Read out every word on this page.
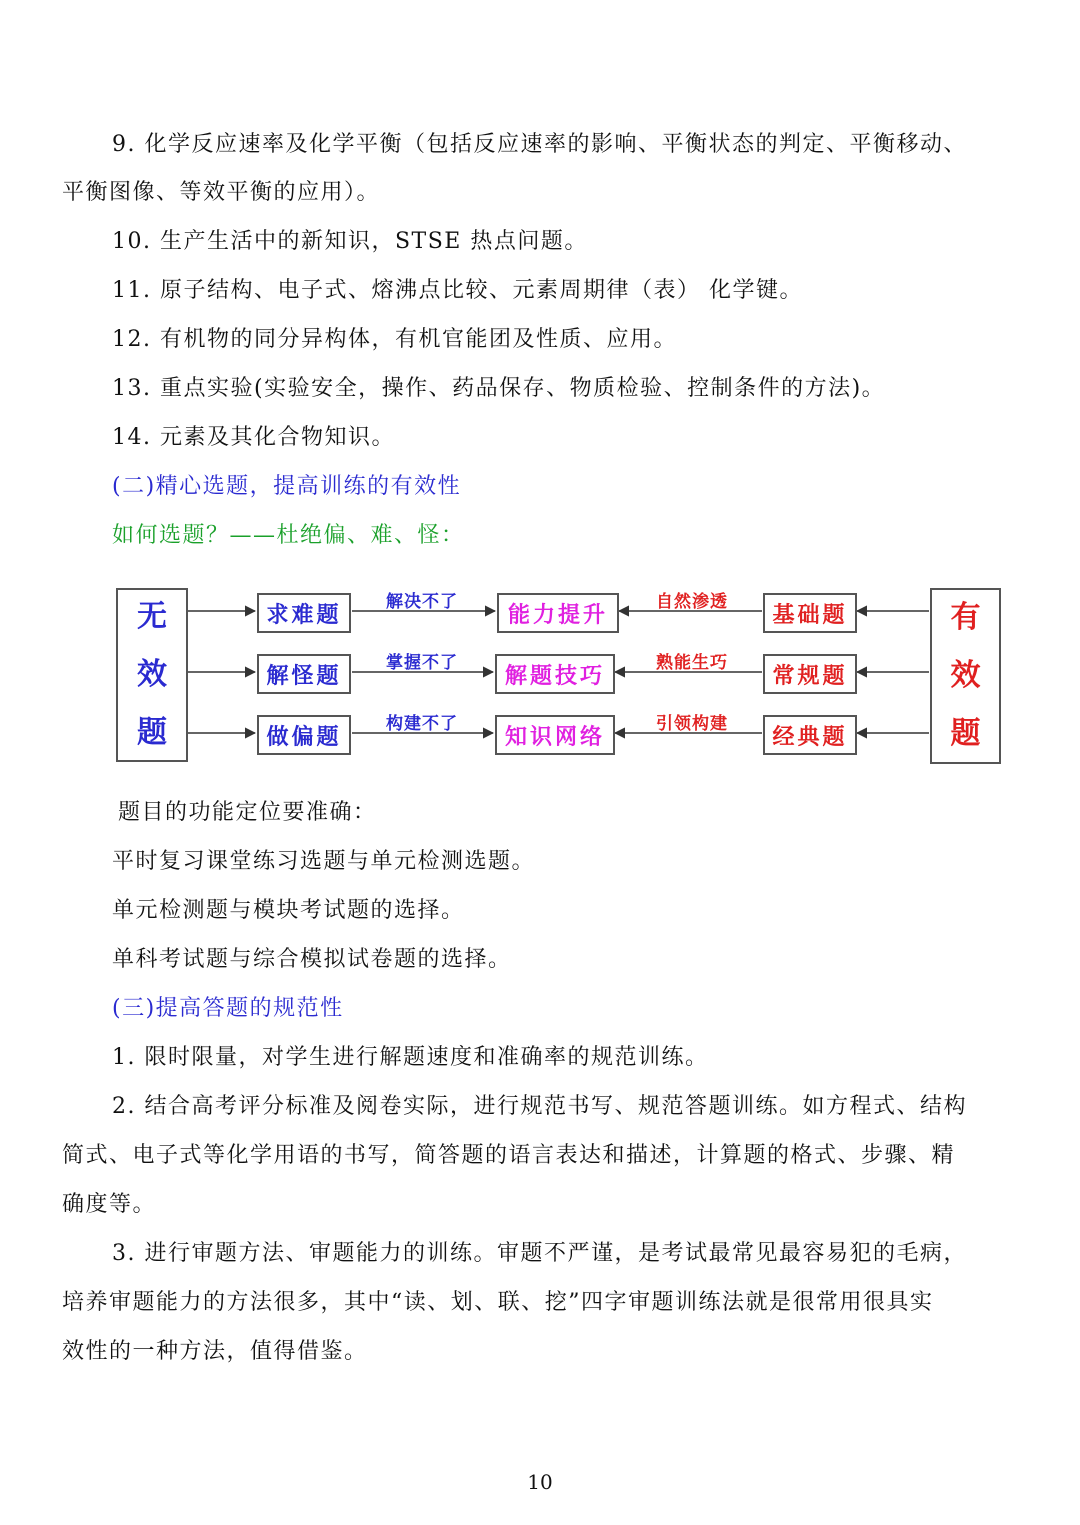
9. 化学反应速率及化学平衡（包括反应速率的影响、平衡状态的判定、平衡移动、
平衡图像、等效平衡的应用）。
10. 生产生活中的新知识，STSE 热点问题。
11. 原子结构、电子式、熔沸点比较、元素周期律（表） 化学键。
12. 有机物的同分异构体，有机官能团及性质、应用。
13. 重点实验(实验安全，操作、药品保存、物质检验、控制条件的方法)。
14. 元素及其化合物知识。
(二)精心选题，提高训练的有效性
如何选题？——杜绝偏、难、怪：
无
效
题
有
效
题
求难题
解怪题
做偏题
能力提升
解题技巧
知识网络
基础题
常规题
经典题
解决不了
掌握不了
构建不了
自然渗透
熟能生巧
引领构建
题目的功能定位要准确：
平时复习课堂练习选题与单元检测选题。
单元检测题与模块考试题的选择。
单科考试题与综合模拟试卷题的选择。
(三)提高答题的规范性
1. 限时限量，对学生进行解题速度和准确率的规范训练。
2. 结合高考评分标准及阅卷实际，进行规范书写、规范答题训练。如方程式、结构
简式、电子式等化学用语的书写，简答题的语言表达和描述，计算题的格式、步骤、精
确度等。
3. 进行审题方法、审题能力的训练。审题不严谨，是考试最常见最容易犯的毛病，
培养审题能力的方法很多，其中“读、划、联、挖”四字审题训练法就是很常用很具实
效性的一种方法，值得借鉴。
10
